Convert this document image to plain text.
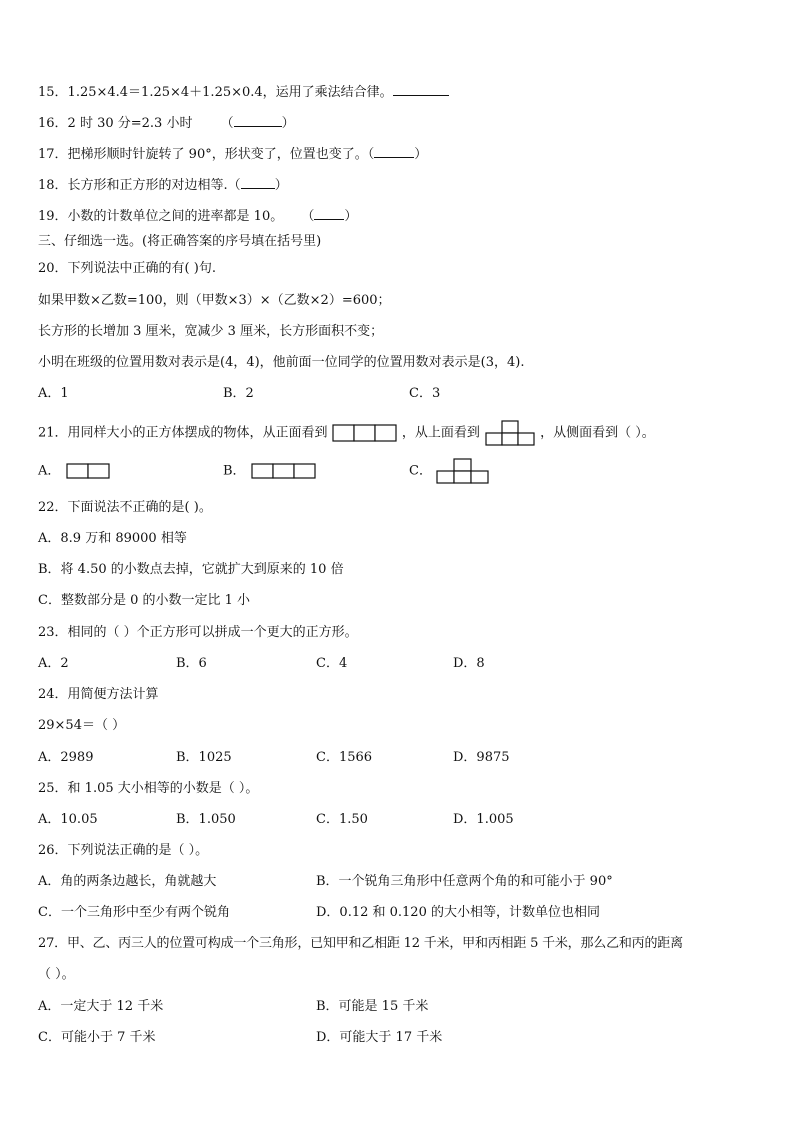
15．1.25×4.4＝1.25×4＋1.25×0.4，运用了乘法结合律。
16．2 时 30 分=2.3 小时 （	）
17．把梯形顺时针旋转了 90°，形状变了，位置也变了。（	）
18．长方形和正方形的对边相等.（	）
19．小数的计数单位之间的进率都是 10。 （ ）
三、仔细选一选。(将正确答案的序号填在括号里)
20．下列说法中正确的有( )句.
如果甲数×乙数=100，则（甲数×3）×（乙数×2）=600；
长方形的长增加 3 厘米，宽减少 3 厘米，长方形面积不变；
小明在班级的位置用数对表示是(4，4)，他前面一位同学的位置用数对表示是(3，4).
A．1	B．2	C．3
21．用同样大小的正方体摆成的物体，从正面看到	，从上面看到	，从侧面看到（ ）。
A．	B．	C．
22．下面说法不正确的是( )。
A．8.9 万和 89000 相等
B．将 4.50 的小数点去掉，它就扩大到原来的 10 倍
C．整数部分是 0 的小数一定比 1 小
23．相同的（ ）个正方形可以拼成一个更大的正方形。
A．2	B．6	C．4	D．8
24．用简便方法计算
29×54＝（ ）
A．2989	B．1025	C．1566	D．9875
25．和 1.05 大小相等的小数是（ ）。
A．10.05	B．1.050	C．1.50	D．1.005
26．下列说法正确的是（ ）。
A．角的两条边越长，角就越大	B．一个锐角三角形中任意两个角的和可能小于 90°
C．一个三角形中至少有两个锐角	D．0.12 和 0.120 的大小相等，计数单位也相同
27．甲、乙、丙三人的位置可构成一个三角形，已知甲和乙相距 12 千米，甲和丙相距 5 千米，那么乙和丙的距离
（ ）。
A．一定大于 12 千米	B．可能是 15 千米
C．可能小于 7 千米	D．可能大于 17 千米
